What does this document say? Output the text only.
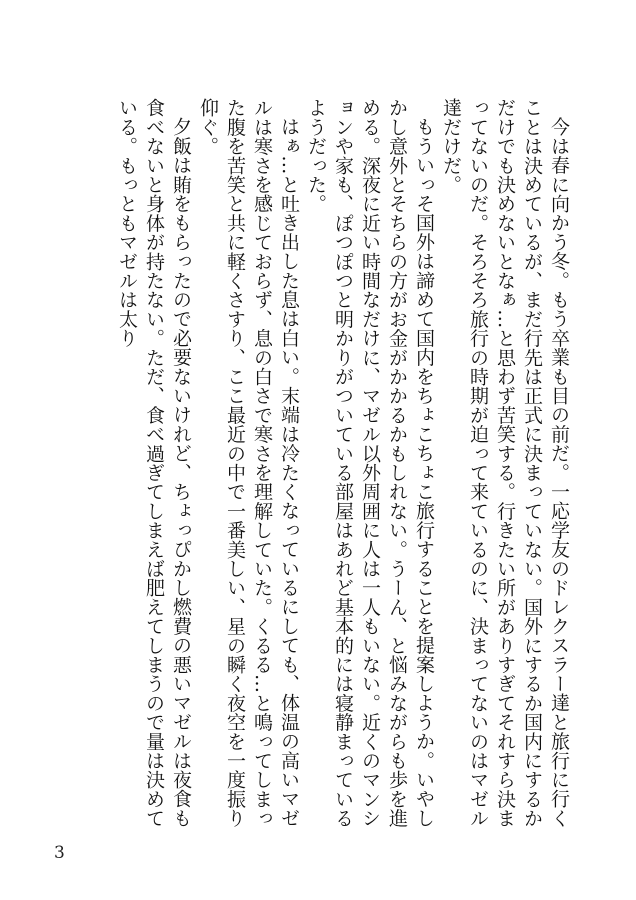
今は春に向かう冬。もう卒業も目の前だ。一応学友のドレクスラー達と旅行に行くことは決めているが、まだ行先は正式に決まっていない。国外にするか国内にするかだけでも決めないとなぁ…と思わず苦笑する。行きたい所がありすぎてそれすら決まってないのだ。そろそろ旅行の時期が迫って来ているのに、決まってないのはマゼル達だけだ。

もういっそ国外は諦めて国内をちょこちょこ旅行することを提案しようか。いやしかし意外とそちらの方がお金がかかるかもしれない。うーん、と悩みながらも歩を進める。深夜に近い時間なだけに、マゼル以外周囲に人は一人もいない。近くのマンションや家も、ぽつぽつと明かりがついている部屋はあれど基本的には寝静まっているようだった。

はぁ…と吐き出した息は白い。末端は冷たくなっているにしても、体温の高いマゼルは寒さを感じておらず、息の白さで寒さを理解していた。くるる…と鳴ってしまった腹を苦笑と共に軽くさすり、ここ最近の中で一番美しい、星の瞬く夜空を一度振り仰ぐ。

夕飯は賄をもらったので必要ないけれど、ちょっぴかし燃費の悪いマゼルは夜食も食べないと身体が持たない。ただ、食べ過ぎてしまえば肥えてしまうので量は決めている。もっともマゼルは太り

3
